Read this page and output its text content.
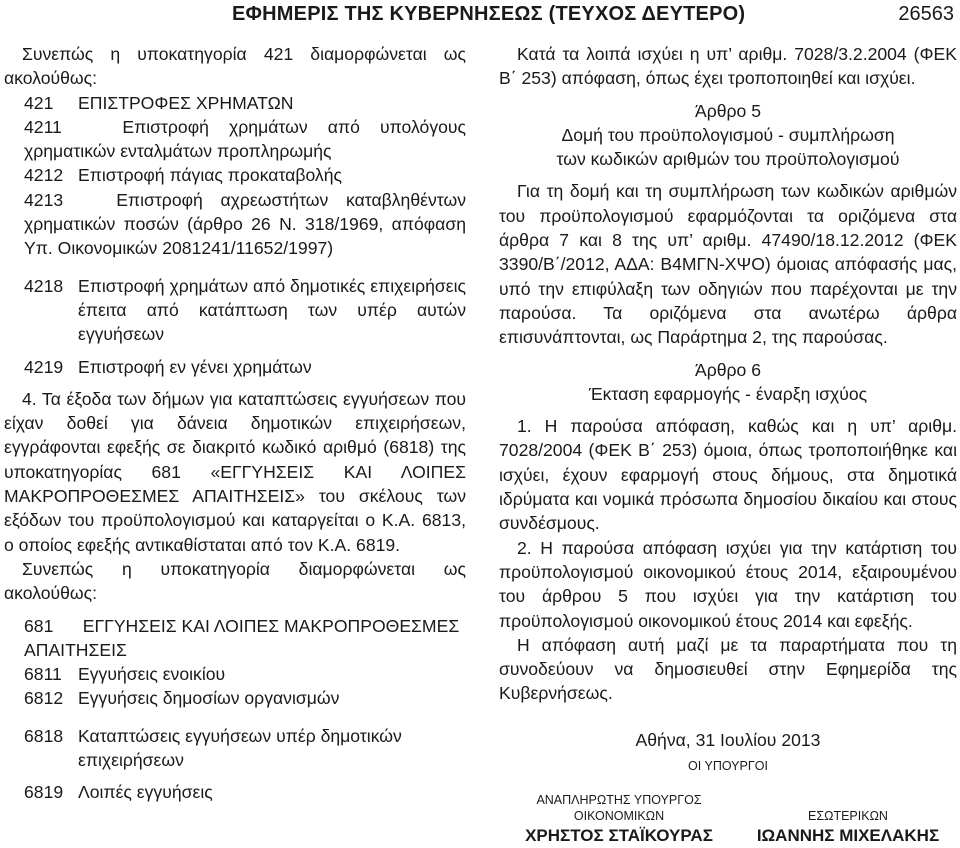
ΕΦΗΜΕΡΙΣ ΤΗΣ ΚΥΒΕΡΝΗΣΕΩΣ (ΤΕΥΧΟΣ ΔΕΥΤΕΡΟ)	26563

Συνεπώς η υποκατηγορία 421 διαμορφώνεται ως ακολούθως:

421	ΕΠΙΣΤΡΟΦΕΣ ΧΡΗΜΑΤΩΝ

4211	Επιστροφή χρημάτων από υπολόγους χρηματικών ενταλμάτων προπληρωμής

4212 Επιστροφή πάγιας προκαταβολής

4213	Επιστροφή αχρεωστήτων καταβληθέντων χρηματικών ποσών (άρθρο 26 Ν. 318/1969, απόφαση Υπ. Οικονομικών 2081241/11652/1997)

4218 Επιστροφή χρημάτων από δημοτικές επιχειρήσεις έπειτα από κατάπτωση των υπέρ αυτών εγγυήσεων
4219 Επιστροφή εν γένει χρημάτων

4. Τα έξοδα των δήμων για καταπτώσεις εγγυήσεων που είχαν δοθεί για δάνεια δημοτικών επιχειρήσεων, εγγράφονται εφεξής σε διακριτό κωδικό αριθμό (6818) της υποκατηγορίας 681 «ΕΓΓΥΗΣΕΙΣ ΚΑΙ ΛΟΙΠΕΣ ΜΑΚΡΟΠΡΟΘΕΣΜΕΣ ΑΠΑΙΤΗΣΕΙΣ» του σκέλους των εξόδων του προϋπολογισμού και καταργείται ο Κ.Α. 6813, ο οποίος εφεξής αντικαθίσταται από τον Κ.Α. 6819.

Συνεπώς η υποκατηγορία διαμορφώνεται ως ακολούθως:

681 ΕΓΓΥΗΣΕΙΣ ΚΑΙ ΛΟΙΠΕΣ ΜΑΚΡΟΠΡΟΘΕΣΜΕΣ ΑΠΑΙΤΗΣΕΙΣ

6811 Εγγυήσεις ενοικίου
6812 Εγγυήσεις δημοσίων οργανισμών
6818 Καταπτώσεις εγγυήσεων υπέρ δημοτικών επιχειρήσεων
6819 Λοιπές εγγυήσεις

Κατά τα λοιπά ισχύει η υπ’ αριθμ. 7028/3.2.2004 (ΦΕΚ Β΄ 253) απόφαση, όπως έχει τροποποιηθεί και ισχύει.

Άρθρο 5

Δομή του προϋπολογισμού - συμπλήρωση

των κωδικών αριθμών του προϋπολογισμού

Για τη δομή και τη συμπλήρωση των κωδικών αριθμών του προϋπολογισμού εφαρμόζονται τα οριζόμενα στα άρθρα 7 και 8 της υπ’ αριθμ. 47490/18.12.2012 (ΦΕΚ 3390/Β΄/2012, ΑΔΑ: Β4ΜΓΝ-ΧΨΟ) όμοιας απόφασής μας, υπό την επιφύλαξη των οδηγιών που παρέχονται με την παρούσα. Τα οριζόμενα στα ανωτέρω άρθρα επισυνάπτονται, ως Παράρτημα 2, της παρούσας.

Άρθρο 6

Έκταση εφαρμογής - έναρξη ισχύος

1. Η παρούσα απόφαση, καθώς και η υπ’ αριθμ. 7028/2004 (ΦΕΚ Β΄ 253) όμοια, όπως τροποποιήθηκε και ισχύει, έχουν εφαρμογή στους δήμους, στα δημοτικά ιδρύματα και νομικά πρόσωπα δημοσίου δικαίου και στους συνδέσμους.

2. Η παρούσα απόφαση ισχύει για την κατάρτιση του προϋπολογισμού οικονομικού έτους 2014, εξαιρουμένου του άρθρου 5 που ισχύει για την κατάρτιση του προϋπολογισμού οικονομικού έτους 2014 και εφεξής.

Η απόφαση αυτή μαζί με τα παραρτήματα που τη συνοδεύουν να δημοσιευθεί στην Εφημερίδα της Κυβερνήσεως.

Αθήνα, 31 Ιουλίου 2013

ΟΙ ΥΠΟΥΡΓΟΙ

ΑΝΑΠΛΗΡΩΤΗΣ ΥΠΟΥΡΓΟΣ
ΟΙΚΟΝΟΜΙΚΩΝ
ΧΡΗΣΤΟΣ ΣΤΑΪΚΟΥΡΑΣ
ΕΣΩΤΕΡΙΚΩΝ
ΙΩΑΝΝΗΣ ΜΙΧΕΛΑΚΗΣ
